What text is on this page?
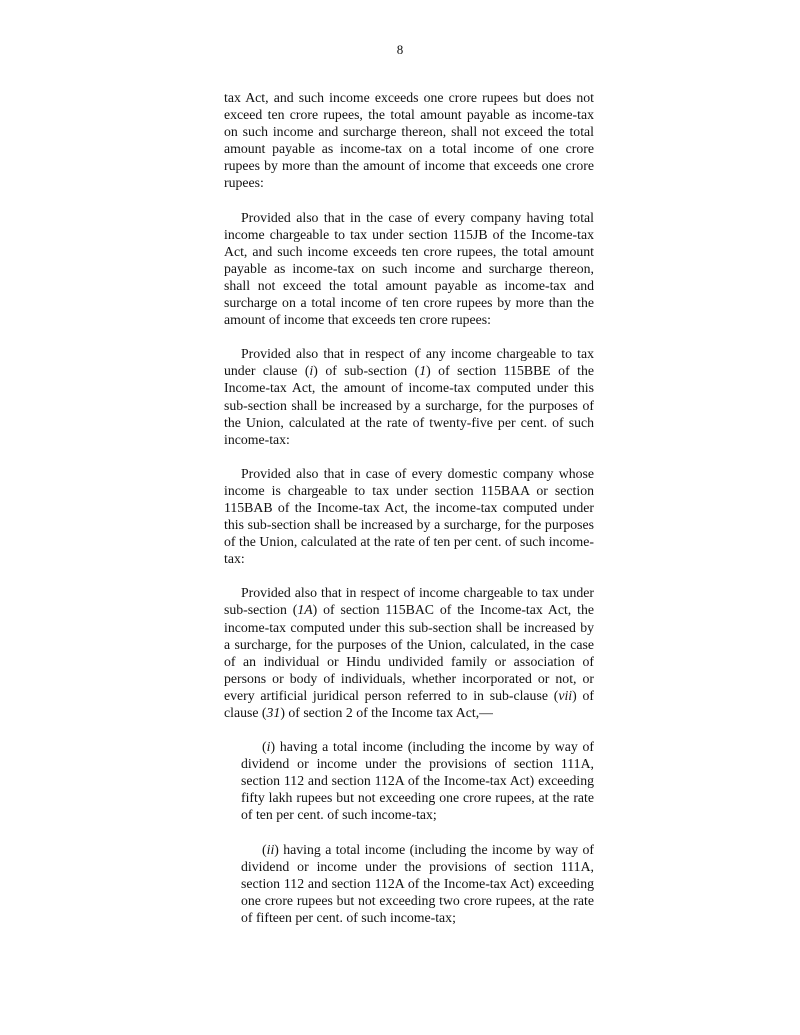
8

tax Act, and such income exceeds one crore rupees but does not exceed ten crore rupees, the total amount payable as income-tax on such income and surcharge thereon, shall not exceed the total amount payable as income-tax on a total income of one crore rupees by more than the amount of income that exceeds one crore rupees:

Provided also that in the case of every company having total income chargeable to tax under section 115JB of the Income-tax Act, and such income exceeds ten crore rupees, the total amount payable as income-tax on such income and surcharge thereon, shall not exceed the total amount payable as income-tax and surcharge on a total income of ten crore rupees by more than the amount of income that exceeds ten crore rupees:

Provided also that in respect of any income chargeable to tax under clause (i) of sub-section (1) of section 115BBE of the Income-tax Act, the amount of income-tax computed under this sub-section shall be increased by a surcharge, for the purposes of the Union, calculated at the rate of twenty-five per cent. of such income-tax:

Provided also that in case of every domestic company whose income is chargeable to tax under section 115BAA or section 115BAB of the Income-tax Act, the income-tax computed under this sub-section shall be increased by a surcharge, for the purposes of the Union, calculated at the rate of ten per cent. of such income-tax:

Provided also that in respect of income chargeable to tax under sub-section (1A) of section 115BAC of the Income-tax Act, the income-tax computed under this sub-section shall be increased by a surcharge, for the purposes of the Union, calculated, in the case of an individual or Hindu undivided family or association of persons or body of individuals, whether incorporated or not, or every artificial juridical person referred to in sub-clause (vii) of clause (31) of section 2 of the Income tax Act,—

(i) having a total income (including the income by way of dividend or income under the provisions of section 111A, section 112 and section 112A of the Income-tax Act) exceeding fifty lakh rupees but not exceeding one crore rupees, at the rate of ten per cent. of such income-tax;

(ii) having a total income (including the income by way of dividend or income under the provisions of section 111A, section 112 and section 112A of the Income-tax Act) exceeding one crore rupees but not exceeding two crore rupees, at the rate of fifteen per cent. of such income-tax;
